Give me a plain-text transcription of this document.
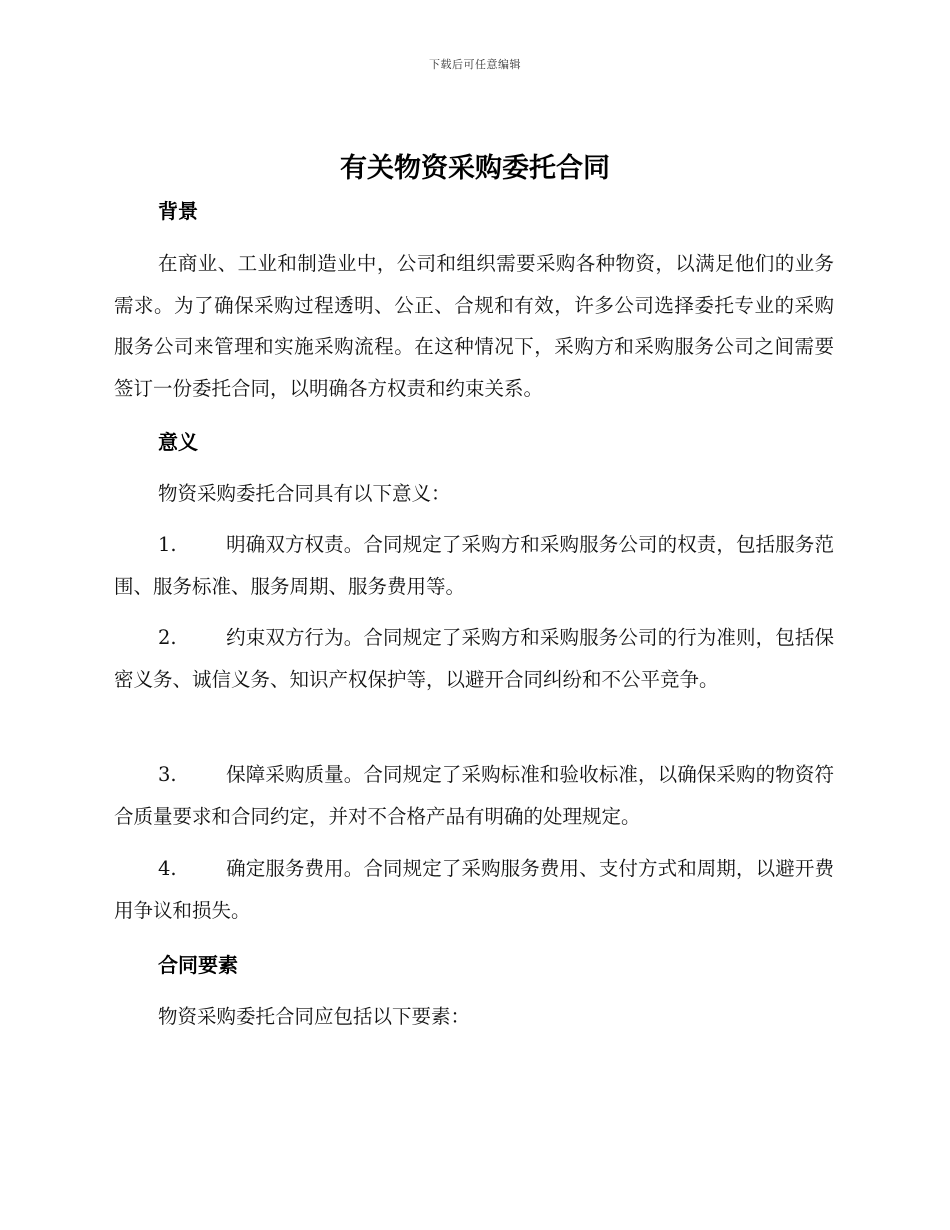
下载后可任意编辑
有关物资采购委托合同
背景

在商业、工业和制造业中，公司和组织需要采购各种物资，以满足他们的业务需求。为了确保采购过程透明、公正、合规和有效，许多公司选择委托专业的采购服务公司来管理和实施采购流程。在这种情况下，采购方和采购服务公司之间需要签订一份委托合同，以明确各方权责和约束关系。

意义

物资采购委托合同具有以下意义：

1.	明确双方权责。合同规定了采购方和采购服务公司的权责，包括服务范围、服务标准、服务周期、服务费用等。

2.	约束双方行为。合同规定了采购方和采购服务公司的行为准则，包括保密义务、诚信义务、知识产权保护等，以避开合同纠纷和不公平竞争。

3.	保障采购质量。合同规定了采购标准和验收标准，以确保采购的物资符合质量要求和合同约定，并对不合格产品有明确的处理规定。

4.	确定服务费用。合同规定了采购服务费用、支付方式和周期，以避开费用争议和损失。

合同要素

物资采购委托合同应包括以下要素：
